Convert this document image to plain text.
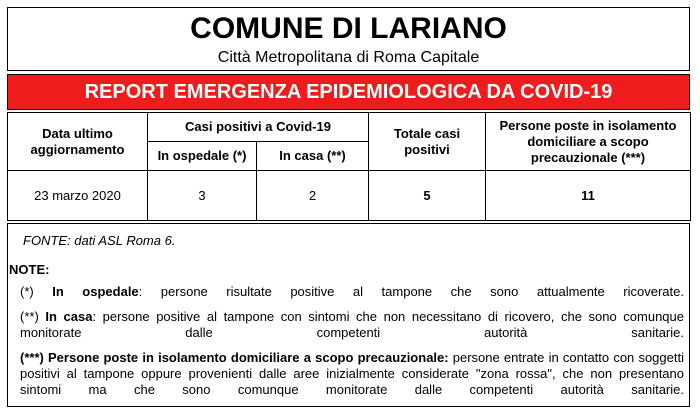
COMUNE DI LARIANO
Città Metropolitana di Roma Capitale
REPORT EMERGENZA EPIDEMIOLOGICA DA COVID-19
Data ultimo aggiornamento	Casi positivi a Covid-19		Totale casi positivi	Persone poste in isolamento domiciliare a scopo precauzionale (***)
	In ospedale (*)	In casa (**)		
23 marzo 2020	3	2	5	11
FONTE: dati ASL Roma 6.
NOTE:
(*) In ospedale: persone risultate positive al tampone che sono attualmente ricoverate.
(**) In casa: persone positive al tampone con sintomi che non necessitano di ricovero, che sono comunque monitorate dalle competenti autorità sanitarie.
(***) Persone poste in isolamento domiciliare a scopo precauzionale: persone entrate in contatto con soggetti positivi al tampone oppure provenienti dalle aree inizialmente considerate "zona rossa", che non presentano sintomi ma che sono comunque monitorate dalle competenti autorità sanitarie.
